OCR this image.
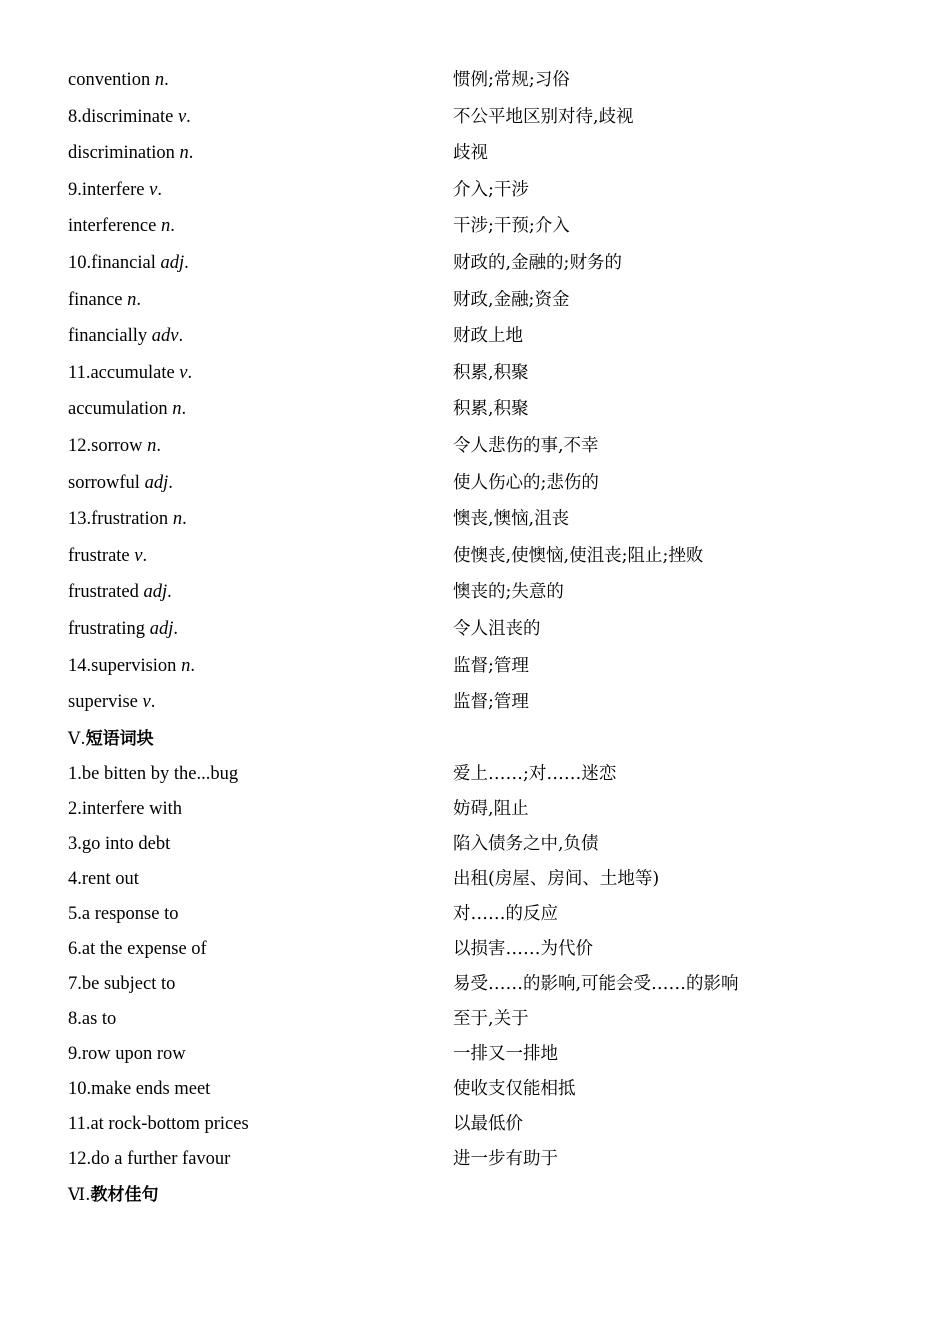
convention n.	惯例;常规;习俗
8.discriminate v.	不公平地区别对待,歧视
discrimination n.	歧视
9.interfere v.	介入;干涉
interference n.	干涉;干预;介入
10.financial adj.	财政的,金融的;财务的
finance n.	财政,金融;资金
financially adv.	财政上地
11.accumulate v.	积累,积聚
accumulation n.	积累,积聚
12.sorrow n.	令人悲伤的事,不幸
sorrowful adj.	使人伤心的;悲伤的
13.frustration n.	懊丧,懊恼,沮丧
frustrate v.	使懊丧,使懊恼,使沮丧;阻止;挫败
frustrated adj.	懊丧的;失意的
frustrating adj.	令人沮丧的
14.supervision n.	监督;管理
supervise v.	监督;管理
Ⅴ.短语词块
1.be bitten by the...bug	爱上……;对……迷恋
2.interfere with	妨碍,阻止
3.go into debt	陷入债务之中,负债
4.rent out	出租(房屋、房间、土地等)
5.a response to	对……的反应
6.at the expense of	以损害……为代价
7.be subject to	易受……的影响,可能会受……的影响
8.as to	至于,关于
9.row upon row	一排又一排地
10.make ends meet	使收支仅能相抵
11.at rock-bottom prices	以最低价
12.do a further favour	进一步有助于
Ⅵ.教材佳句
